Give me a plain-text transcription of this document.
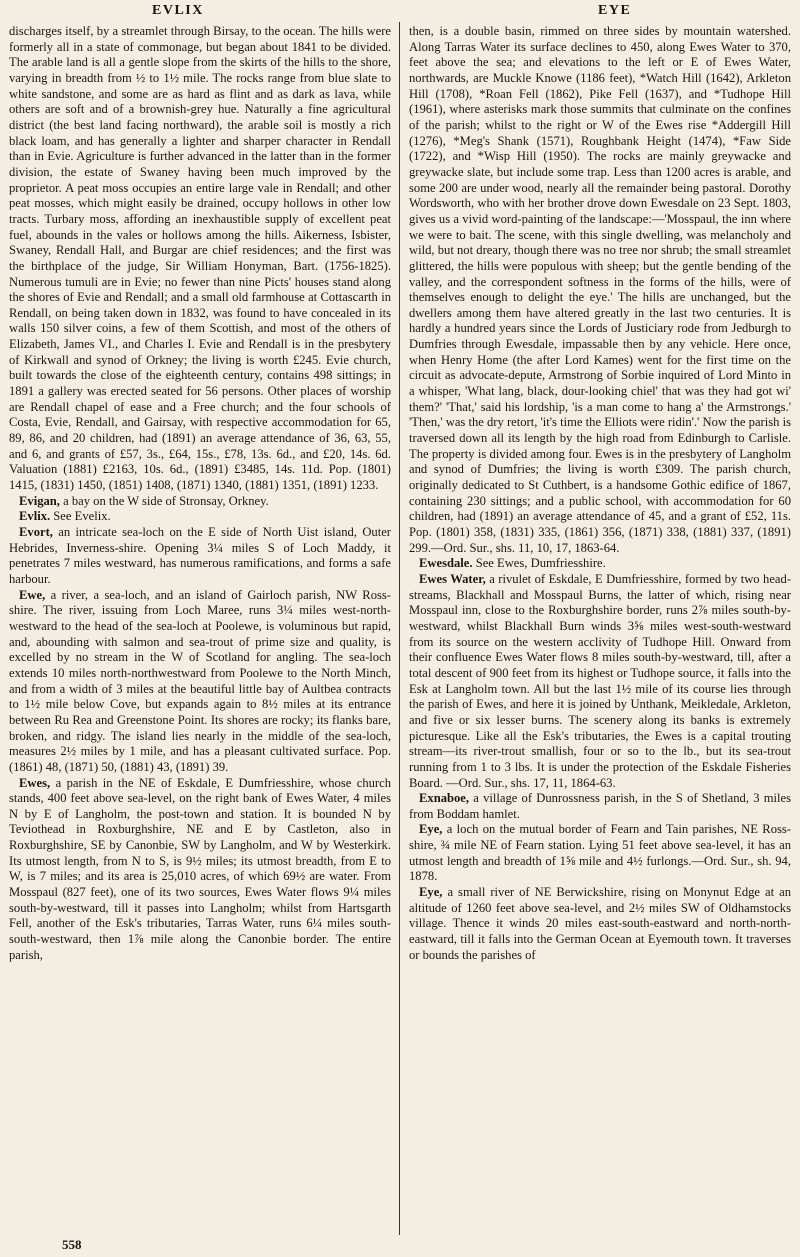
EVLIX	EYE

discharges itself, by a streamlet through Birsay, to the ocean. The hills were formerly all in a state of commonage, but began about 1841 to be divided. The arable land is all a gentle slope from the skirts of the hills to the shore, varying in breadth from ½ to 1½ mile. The rocks range from blue slate to white sandstone, and some are as hard as flint and as dark as lava, while others are soft and of a brownish-grey hue. Naturally a fine agricultural district (the best land facing northward), the arable soil is mostly a rich black loam, and has generally a lighter and sharper character in Rendall than in Evie. Agriculture is further advanced in the latter than in the former division, the estate of Swaney having been much improved by the proprietor. A peat moss occupies an entire large vale in Rendall; and other peat mosses, which might easily be drained, occupy hollows in other low tracts. Turbary moss, affording an inexhaustible supply of excellent peat fuel, abounds in the vales or hollows among the hills. Aikerness, Isbister, Swaney, Rendall Hall, and Burgar are chief residences; and the first was the birthplace of the judge, Sir William Honyman, Bart. (1756-1825). Numerous tumuli are in Evie; no fewer than nine Picts' houses stand along the shores of Evie and Rendall; and a small old farmhouse at Cottascarth in Rendall, on being taken down in 1832, was found to have concealed in its walls 150 silver coins, a few of them Scottish, and most of the others of Elizabeth, James VI., and Charles I. Evie and Rendall is in the presbytery of Kirkwall and synod of Orkney; the living is worth £245. Evie church, built towards the close of the eighteenth century, contains 498 sittings; in 1891 a gallery was erected seated for 56 persons. Other places of worship are Rendall chapel of ease and a Free church; and the four schools of Costa, Evie, Rendall, and Gairsay, with respective accommodation for 65, 89, 86, and 20 children, had (1891) an average attendance of 36, 63, 55, and 6, and grants of £57, 3s., £64, 15s., £78, 13s. 6d., and £20, 14s. 6d. Valuation (1881) £2163, 10s. 6d., (1891) £3485, 14s. 11d. Pop. (1801) 1415, (1831) 1450, (1851) 1408, (1871) 1340, (1881) 1351, (1891) 1233.

Evigan, a bay on the W side of Stronsay, Orkney.

Evlix. See Evelix.

Evort, an intricate sea-loch on the E side of North Uist island, Outer Hebrides, Inverness-shire. Opening 3¼ miles S of Loch Maddy, it penetrates 7 miles westward, has numerous ramifications, and forms a safe harbour.

Ewe, a river, a sea-loch, and an island of Gairloch parish, NW Ross-shire. The river, issuing from Loch Maree, runs 3¼ miles west-north-westward to the head of the sea-loch at Poolewe, is voluminous but rapid, and, abounding with salmon and sea-trout of prime size and quality, is excelled by no stream in the W of Scotland for angling. The sea-loch extends 10 miles north-northwestward from Poolewe to the North Minch, and from a width of 3 miles at the beautiful little bay of Aultbea contracts to 1½ mile below Cove, but expands again to 8½ miles at its entrance between Ru Rea and Greenstone Point. Its shores are rocky; its flanks bare, broken, and ridgy. The island lies nearly in the middle of the sea-loch, measures 2½ miles by 1 mile, and has a pleasant cultivated surface. Pop. (1861) 48, (1871) 50, (1881) 43, (1891) 39.

Ewes, a parish in the NE of Eskdale, E Dumfriesshire, whose church stands, 400 feet above sea-level, on the right bank of Ewes Water, 4 miles N by E of Langholm, the post-town and station. It is bounded N by Teviothead in Roxburghshire, NE and E by Castleton, also in Roxburghshire, SE by Canonbie, SW by Langholm, and W by Westerkirk. Its utmost length, from N to S, is 9½ miles; its utmost breadth, from E to W, is 7 miles; and its area is 25,010 acres, of which 69½ are water. From Mosspaul (827 feet), one of its two sources, Ewes Water flows 9¼ miles south-by-westward, till it passes into Langholm; whilst from Hartsgarth Fell, another of the Esk's tributaries, Tarras Water, runs 6¼ miles south-south-westward, then 1⅞ mile along the Canonbie border. The entire parish,

then, is a double basin, rimmed on three sides by mountain watershed. Along Tarras Water its surface declines to 450, along Ewes Water to 370, feet above the sea; and elevations to the left or E of Ewes Water, northwards, are Muckle Knowe (1186 feet), *Watch Hill (1642), Arkleton Hill (1708), *Roan Fell (1862), Pike Fell (1637), and *Tudhope Hill (1961), where asterisks mark those summits that culminate on the confines of the parish; whilst to the right or W of the Ewes rise *Addergill Hill (1276), *Meg's Shank (1571), Roughbank Height (1474), *Faw Side (1722), and *Wisp Hill (1950). The rocks are mainly greywacke and greywacke slate, but include some trap. Less than 1200 acres is arable, and some 200 are under wood, nearly all the remainder being pastoral. Dorothy Wordsworth, who with her brother drove down Ewesdale on 23 Sept. 1803, gives us a vivid word-painting of the landscape:—'Mosspaul, the inn where we were to bait. The scene, with this single dwelling, was melancholy and wild, but not dreary, though there was no tree nor shrub; the small streamlet glittered, the hills were populous with sheep; but the gentle bending of the valley, and the correspondent softness in the forms of the hills, were of themselves enough to delight the eye.' The hills are unchanged, but the dwellers among them have altered greatly in the last two centuries. It is hardly a hundred years since the Lords of Justiciary rode from Jedburgh to Dumfries through Ewesdale, impassable then by any vehicle. Here once, when Henry Home (the after Lord Kames) went for the first time on the circuit as advocate-depute, Armstrong of Sorbie inquired of Lord Minto in a whisper, 'What lang, black, dour-looking chiel' that was they had got wi' them?' 'That,' said his lordship, 'is a man come to hang a' the Armstrongs.' 'Then,' was the dry retort, 'it's time the Elliots were ridin'.' Now the parish is traversed down all its length by the high road from Edinburgh to Carlisle. The property is divided among four. Ewes is in the presbytery of Langholm and synod of Dumfries; the living is worth £309. The parish church, originally dedicated to St Cuthbert, is a handsome Gothic edifice of 1867, containing 230 sittings; and a public school, with accommodation for 60 children, had (1891) an average attendance of 45, and a grant of £52, 11s. Pop. (1801) 358, (1831) 335, (1861) 356, (1871) 338, (1881) 337, (1891) 299.—Ord. Sur., shs. 11, 10, 17, 1863-64.

Ewesdale. See Ewes, Dumfriesshire.

Ewes Water, a rivulet of Eskdale, E Dumfriesshire, formed by two head-streams, Blackhall and Mosspaul Burns, the latter of which, rising near Mosspaul inn, close to the Roxburghshire border, runs 2⅞ miles south-by-westward, whilst Blackhall Burn winds 3⅝ miles west-south-westward from its source on the western acclivity of Tudhope Hill. Onward from their confluence Ewes Water flows 8 miles south-by-westward, till, after a total descent of 900 feet from its highest or Tudhope source, it falls into the Esk at Langholm town. All but the last 1½ mile of its course lies through the parish of Ewes, and here it is joined by Unthank, Meikledale, Arkleton, and five or six lesser burns. The scenery along its banks is extremely picturesque. Like all the Esk's tributaries, the Ewes is a capital trouting stream—its river-trout smallish, four or so to the lb., but its sea-trout running from 1 to 3 lbs. It is under the protection of the Eskdale Fisheries Board. —Ord. Sur., shs. 17, 11, 1864-63.

Exnaboe, a village of Dunrossness parish, in the S of Shetland, 3 miles from Boddam hamlet.

Eye, a loch on the mutual border of Fearn and Tain parishes, NE Ross-shire, ¾ mile NE of Fearn station. Lying 51 feet above sea-level, it has an utmost length and breadth of 1⅝ mile and 4½ furlongs.—Ord. Sur., sh. 94, 1878.

Eye, a small river of NE Berwickshire, rising on Monynut Edge at an altitude of 1260 feet above sea-level, and 2½ miles SW of Oldhamstocks village. Thence it winds 20 miles east-south-eastward and north-north-eastward, till it falls into the German Ocean at Eyemouth town. It traverses or bounds the parishes of

558
